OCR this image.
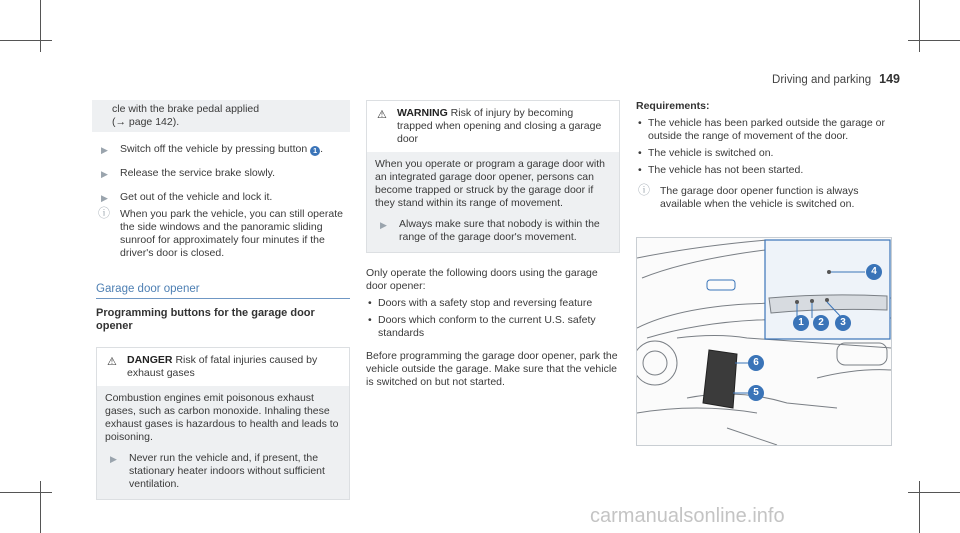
Driving and parking 149
cle with the brake pedal applied
(→ page 142).
▶ Switch off the vehicle by pressing button 1 .
▶ Release the service brake slowly.
▶ Get out of the vehicle and lock it.
ⓘ When you park the vehicle, you can still operate the side windows and the panoramic sliding sunroof for approximately four minutes if the driver's door is closed.
Garage door opener
Programming buttons for the garage door opener
⚠ DANGER Risk of fatal injuries caused by exhaust gases
Combustion engines emit poisonous exhaust gases, such as carbon monoxide. Inhaling these exhaust gases is hazardous to health and leads to poisoning.
▶ Never run the vehicle and, if present, the stationary heater indoors without sufficient ventilation.
⚠ WARNING Risk of injury by becoming trapped when opening and closing a garage door
When you operate or program a garage door with an integrated garage door opener, persons can become trapped or struck by the garage door if they stand within its range of movement.
▶ Always make sure that nobody is within the range of the garage door's movement.
Only operate the following doors using the garage door opener:
• Doors with a safety stop and reversing feature
• Doors which conform to the current U.S. safety standards
Before programming the garage door opener, park the vehicle outside the garage. Make sure that the vehicle is switched on but not started.
Requirements:
• The vehicle has been parked outside the garage or outside the range of movement of the door.
• The vehicle is switched on.
• The vehicle has not been started.
ⓘ The garage door opener function is always available when the vehicle is switched on.
1	2	3
4
5
6
carmanualsonline.info
